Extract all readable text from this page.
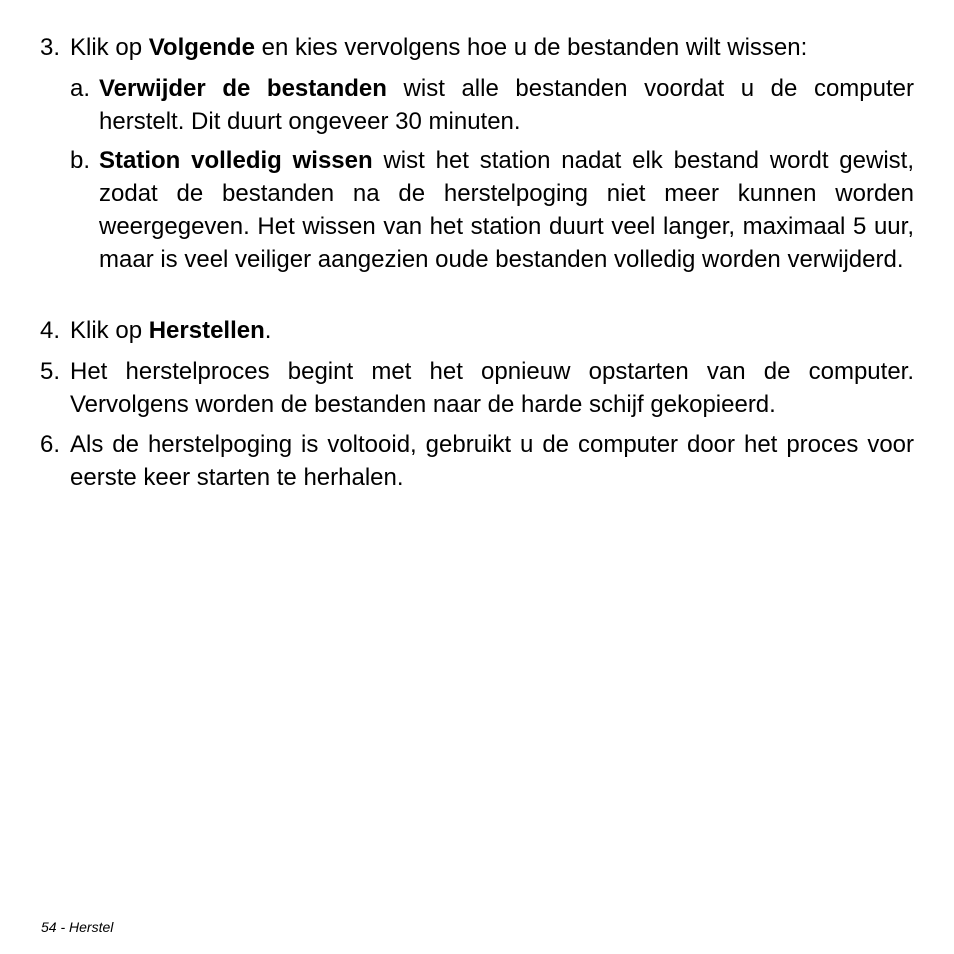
3. Klik op Volgende en kies vervolgens hoe u de bestanden wilt wissen:
a. Verwijder de bestanden wist alle bestanden voordat u de computer herstelt. Dit duurt ongeveer 30 minuten.
b. Station volledig wissen wist het station nadat elk bestand wordt gewist, zodat de bestanden na de herstelpoging niet meer kunnen worden weergegeven. Het wissen van het station duurt veel langer, maximaal 5 uur, maar is veel veiliger aangezien oude bestanden volledig worden verwijderd.
4. Klik op Herstellen.
5. Het herstelproces begint met het opnieuw opstarten van de computer. Vervolgens worden de bestanden naar de harde schijf gekopieerd.
6. Als de herstelpoging is voltooid, gebruikt u de computer door het proces voor eerste keer starten te herhalen.
54 - Herstel
